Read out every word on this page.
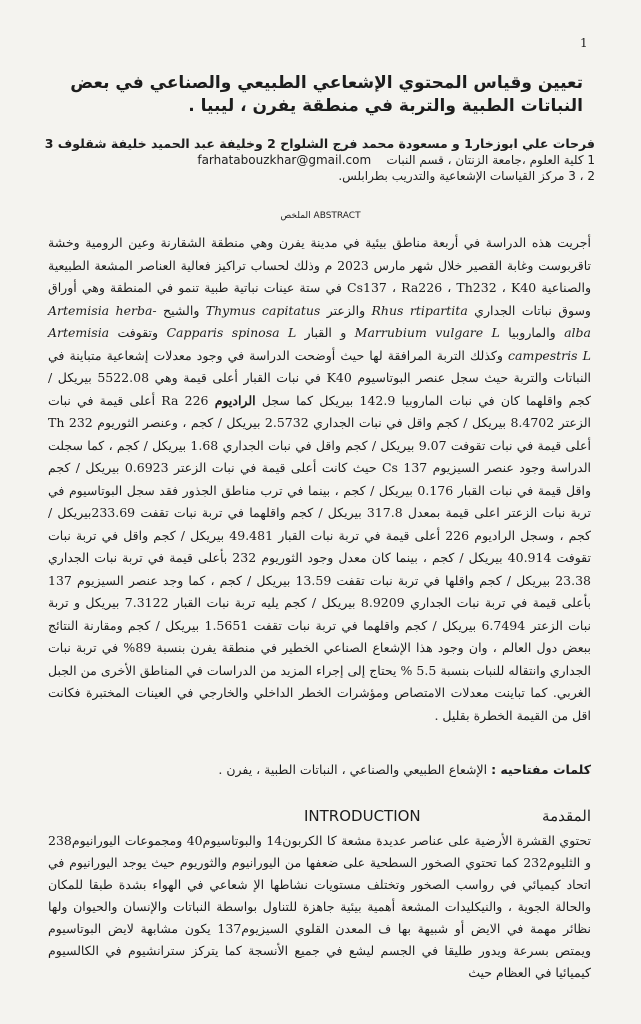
1
تعيين وقياس المحتوي الإشعاعي الطبيعي والصناعي في بعض النباتات الطبية والتربة في منطقة يفرن ، ليبيا .
فرحات علي ابوزخار1 و مسعودة محمد فرج الشلواح 2 وخليفة عبد الحميد خليفة شقلوف 3
1 كلية العلوم ،جامعة الزنتان ، قسم النبات    farhatabouzkhar@gmail.com
2 ، 3 مركز القياسات الإشعاعية والتدريب بطرابلس.
الملخص ABSTRACT
أجريت هذه الدراسة في أربعة مناطق بيئية في مدينة يفرن وهي منطقة الشقارنة وعين الرومية وخشة تاقربوست وغابة القصير خلال شهر مارس 2023 م وذلك لحساب تراكيز فعالية العناصر المشعة الطبيعية والصناعية Cs137 ، Ra226 ، Th232 ، K40 في ستة عينات نباتية طبية تنمو في المنطقة وهي أوراق وسوق نباتات الجداري Rhus rtipartita والزعتر Thymus capitatus والشيح Artemisia herba-alba والماروبيا Marrubium vulgare L و القبار Capparis spinosa L وتقوفت Artemisia campestris L وكذلك التربة المرافقة لها حيث أوضحت الدراسة في وجود معدلات إشعاعية متباينة في النباتات والتربة حيث سجل عنصر البوتاسيوم K40 في نبات القبار أعلى قيمة وهي 5522.08 بيريكل / كجم واقلهما كان في نبات الماروبيا 142.9 بيريكل كما سجل الراديوم Ra 226 أعلى قيمة في نبات الزعتر 8.4702 بيريكل / كجم واقل في نبات الجداري 2.5732 بيريكل / كجم ، وعنصر الثوريوم Th 232 أعلى قيمة في نبات تقوفت 9.07 بيريكل / كجم واقل في نبات الجداري 1.68 بيريكل / كجم ، كما سجلت الدراسة وجود عنصر السيزيوم Cs 137 حيث كانت أعلى قيمة في نبات الزعتر 0.6923 بيريكل / كجم واقل قيمة في نبات القبار 0.176 بيريكل / كجم ، بينما في ترب مناطق الجذور فقد سجل البوتاسيوم في تربة نبات الزعتر اعلى قيمة بمعدل 317.8 بيريكل / كجم واقلهما في تربة نبات تقفت 233.69بيريكل / كجم ، وسجل الراديوم 226 أعلى قيمة في تربة نبات القبار 49.481 بيريكل / كجم واقل في تربة نبات تقوفت 40.914 بيريكل / كجم ، بينما كان معدل وجود الثوريوم 232 بأعلى قيمة في تربة نبات الجداري 23.38 بيريكل / كجم واقلها في تربة نبات تقفت 13.59 بيريكل / كجم ، كما وجد عنصر السيزيوم 137 بأعلى قيمة في تربة نبات الجداري 8.9209 بيريكل / كجم يليه تربة نبات القبار 7.3122 بيريكل و تربة نبات الزعتر 6.7494 بيريكل / كجم واقلهما في تربة نبات تقفت 1.5651 بيريكل / كجم ومقارنة النتائج ببعض دول العالم ، وان وجود هذا الإشعاع الصناعي الخطير في منطقة يفرن بنسبة 89% في تربة نبات الجداري وانتقاله للنبات بنسبة 5.5 % يحتاج إلى إجراء المزيد من الدراسات في المناطق الأخرى من الجبل الغربي. كما تباينت معدلات الامتصاص ومؤشرات الخطر الداخلي والخارجي في العينات المختبرة فكانت اقل من القيمة الخطرة بقليل .
كلمات مفتاحيه : الإشعاع الطبيعي والصناعي ، النباتات الطبية ، يفرن .
INTRODUCTION	المقدمة
تحتوي القشرة الأرضية على عناصر عديدة مشعة كا الكربون14 والبوتاسيوم40 ومجموعات اليورانيوم238 و الثليوم232 كما تحتوي الصخور السطحية على ضعفها من اليورانيوم والثوريوم حيث يوجد اليورانيوم في اتحاد كيميائي في رواسب الصخور وتختلف مستويات نشاطها الإ شعاعي في الهواء بشدة طبقا للمكان والحالة الجوية ، والنيكليدات المشعة أهمية بيئية جاهزة للتناول بواسطة النباتات والإنسان والحيوان ولها نظائر مهمة في الايض أو شبيهة بها ف المعدن القلوي السيزيوم137 يكون مشابهة لايض البوتاسيوم ويمتص بسرعة ويدور طليقا في الجسم ليشع في جميع الأنسجة كما يتركز سترانشيوم في الكالسيوم كيميائيا في العظام حيث
